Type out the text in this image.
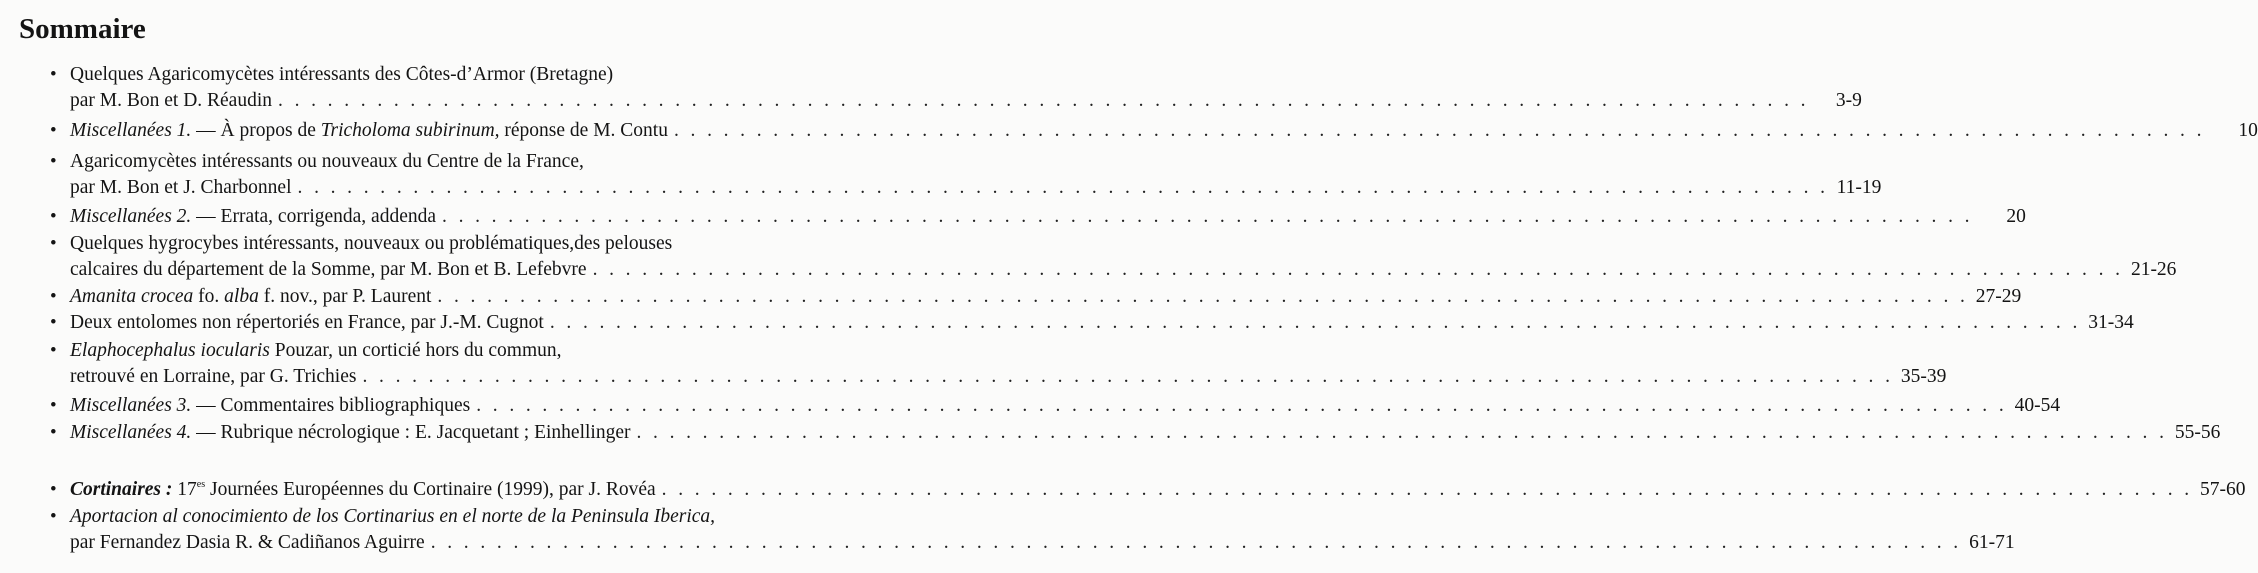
Sommaire
• Quelques Agaricomycètes intéressants des Côtes-d’Armor (Bretagne)
par M. Bon et D. Réaudin . . . . . . . . . . . . . . . . . . . . . . . . . . . . . . . . . . . . . . . . . . . . . . . . . . . . . . . . . . . . . . . . . . . . . . . . . . . . . . . . . . . . . . . . . . . . .	3-9
• Miscellanées 1. — À propos de Tricholoma subirinum, réponse de M. Contu . . . . . . . . . . . . . . . . . . . . . . . . . . . . . . . . . . . . . . . . . . . . . . . . . . . . . . . . . . . . . . . . . . . . . . . . . . . . . . . . . . . . . . . . . . . . .	10
• Agaricomycètes intéressants ou nouveaux du Centre de la France,
par M. Bon et J. Charbonnel . . . . . . . . . . . . . . . . . . . . . . . . . . . . . . . . . . . . . . . . . . . . . . . . . . . . . . . . . . . . . . . . . . . . . . . . . . . . . . . . . . . . . . . . . . . . . 11-19
• Miscellanées 2. — Errata, corrigenda, addenda . . . . . . . . . . . . . . . . . . . . . . . . . . . . . . . . . . . . . . . . . . . . . . . . . . . . . . . . . . . . . . . . . . . . . . . . . . . . . . . . . . . . . . . . . . . . .	20
• Quelques hygrocybes intéressants, nouveaux ou problématiques,des pelouses
calcaires du département de la Somme, par M. Bon et B. Lefebvre . . . . . . . . . . . . . . . . . . . . . . . . . . . . . . . . . . . . . . . . . . . . . . . . . . . . . . . . . . . . . . . . . . . . . . . . . . . . . . . . . . . . . . . . . . . . . 21-26
• Amanita crocea fo. alba f. nov., par P. Laurent . . . . . . . . . . . . . . . . . . . . . . . . . . . . . . . . . . . . . . . . . . . . . . . . . . . . . . . . . . . . . . . . . . . . . . . . . . . . . . . . . . . . . . . . . . . . . 27-29
• Deux entolomes non répertoriés en France, par J.-M. Cugnot . . . . . . . . . . . . . . . . . . . . . . . . . . . . . . . . . . . . . . . . . . . . . . . . . . . . . . . . . . . . . . . . . . . . . . . . . . . . . . . . . . . . . . . . . . . . . 31-34
• Elaphocephalus iocularis Pouzar, un corticié hors du commun,
retrouvé en Lorraine, par G. Trichies . . . . . . . . . . . . . . . . . . . . . . . . . . . . . . . . . . . . . . . . . . . . . . . . . . . . . . . . . . . . . . . . . . . . . . . . . . . . . . . . . . . . . . . . . . . . . 35-39
• Miscellanées 3. — Commentaires bibliographiques . . . . . . . . . . . . . . . . . . . . . . . . . . . . . . . . . . . . . . . . . . . . . . . . . . . . . . . . . . . . . . . . . . . . . . . . . . . . . . . . . . . . . . . . . . . . . 40-54
• Miscellanées 4. — Rubrique nécrologique : E. Jacquetant ; Einhellinger . . . . . . . . . . . . . . . . . . . . . . . . . . . . . . . . . . . . . . . . . . . . . . . . . . . . . . . . . . . . . . . . . . . . . . . . . . . . . . . . . . . . . . . . . . . . . 55-56
• Cortinaires : $17^{es}$ Journées Européennes du Cortinaire (1999), par J. Rovéa . . . . . . . . . . . . . . . . . . . . . . . . . . . . . . . . . . . . . . . . . . . . . . . . . . . . . . . . . . . . . . . . . . . . . . . . . . . . . . . . . . . . . . . . . . . . . 57-60
• Aportacion al conocimiento de los Cortinarius en el norte de la Peninsula Iberica,
par Fernandez Dasia R. & Cadiñanos Aguirre . . . . . . . . . . . . . . . . . . . . . . . . . . . . . . . . . . . . . . . . . . . . . . . . . . . . . . . . . . . . . . . . . . . . . . . . . . . . . . . . . . . . . . . . . . . . . 61-71
